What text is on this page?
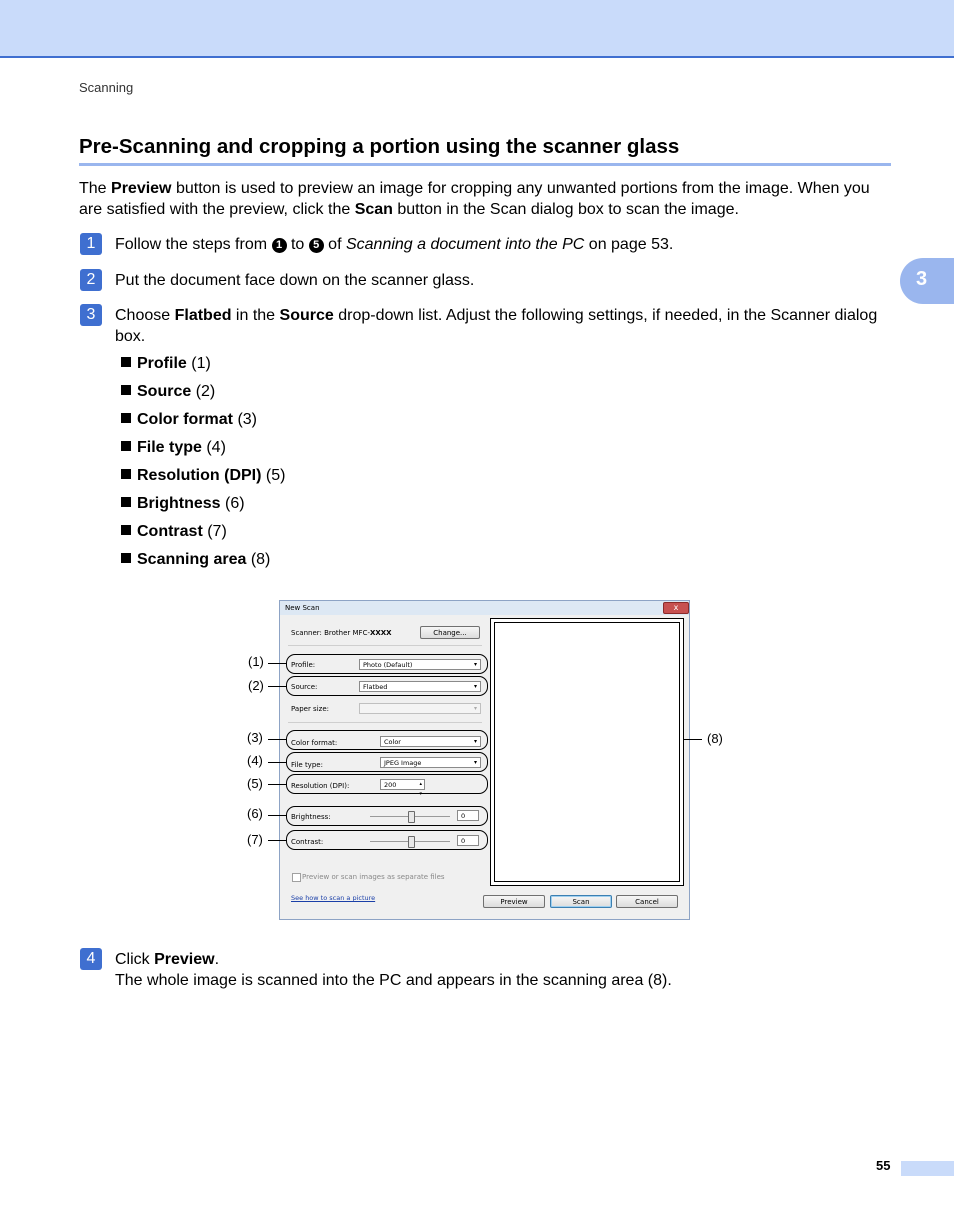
Scanning
3
Pre-Scanning and cropping a portion using the scanner glass
The Preview button is used to preview an image for cropping any unwanted portions from the image. When you are satisfied with the preview, click the Scan button in the Scan dialog box to scan the image.
1	Follow the steps from 1 to 5 of Scanning a document into the PC on page 53.
2	Put the document face down on the scanner glass.
3	Choose Flatbed in the Source drop-down list. Adjust the following settings, if needed, in the Scanner dialog box.
Profile (1)
Source (2)
Color format (3)
File type (4)
Resolution (DPI) (5)
Brightness (6)
Contrast (7)
Scanning area (8)
New Scan	x
Scanner: Brother MFC-XXXX	Change...
Profile:	Photo (Default)	▾
Source:	Flatbed	▾
Paper size:	▾
Color format:	Color	▾
File type:	JPEG Image	▾
Resolution (DPI):	200	▴
▾
Brightness:	0
Contrast:	0
Preview or scan images as separate files
See how to scan a picture	Preview	Scan	Cancel
(1)
(2)
(3)
(4)
(5)
(6)
(7)
(8)
4	Click Preview.
The whole image is scanned into the PC and appears in the scanning area (8).
55
